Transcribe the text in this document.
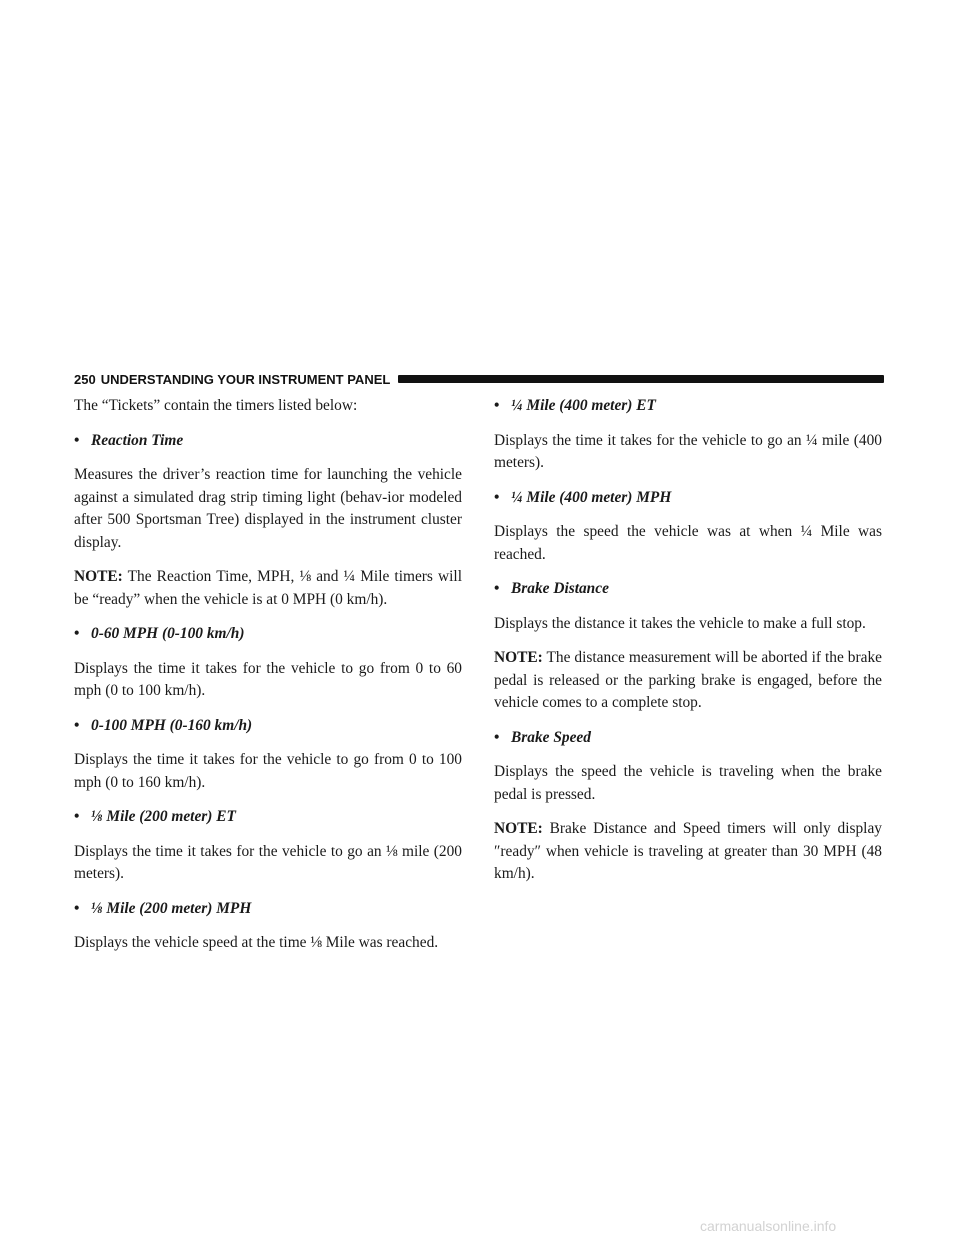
250 UNDERSTANDING YOUR INSTRUMENT PANEL

The “Tickets” contain the timers listed below:

• Reaction Time

Measures the driver’s reaction time for launching the vehicle against a simulated drag strip timing light (behav-ior modeled after 500 Sportsman Tree) displayed in the instrument cluster display.

NOTE: The Reaction Time, MPH, ⅛ and ¼ Mile timers will be “ready” when the vehicle is at 0 MPH (0 km/h).

• 0-60 MPH (0-100 km/h)

Displays the time it takes for the vehicle to go from 0 to 60 mph (0 to 100 km/h).

• 0-100 MPH (0-160 km/h)

Displays the time it takes for the vehicle to go from 0 to 100 mph (0 to 160 km/h).

• ⅛ Mile (200 meter) ET

Displays the time it takes for the vehicle to go an ⅛ mile (200 meters).

• ⅛ Mile (200 meter) MPH

Displays the vehicle speed at the time ⅛ Mile was reached.

• ¼ Mile (400 meter) ET

Displays the time it takes for the vehicle to go an ¼ mile (400 meters).

• ¼ Mile (400 meter) MPH

Displays the speed the vehicle was at when ¼ Mile was reached.

• Brake Distance

Displays the distance it takes the vehicle to make a full stop.

NOTE: The distance measurement will be aborted if the brake pedal is released or the parking brake is engaged, before the vehicle comes to a complete stop.

• Brake Speed

Displays the speed the vehicle is traveling when the brake pedal is pressed.

NOTE: Brake Distance and Speed timers will only display ″ready″ when vehicle is traveling at greater than 30 MPH (48 km/h).

carmanualsonline.info
